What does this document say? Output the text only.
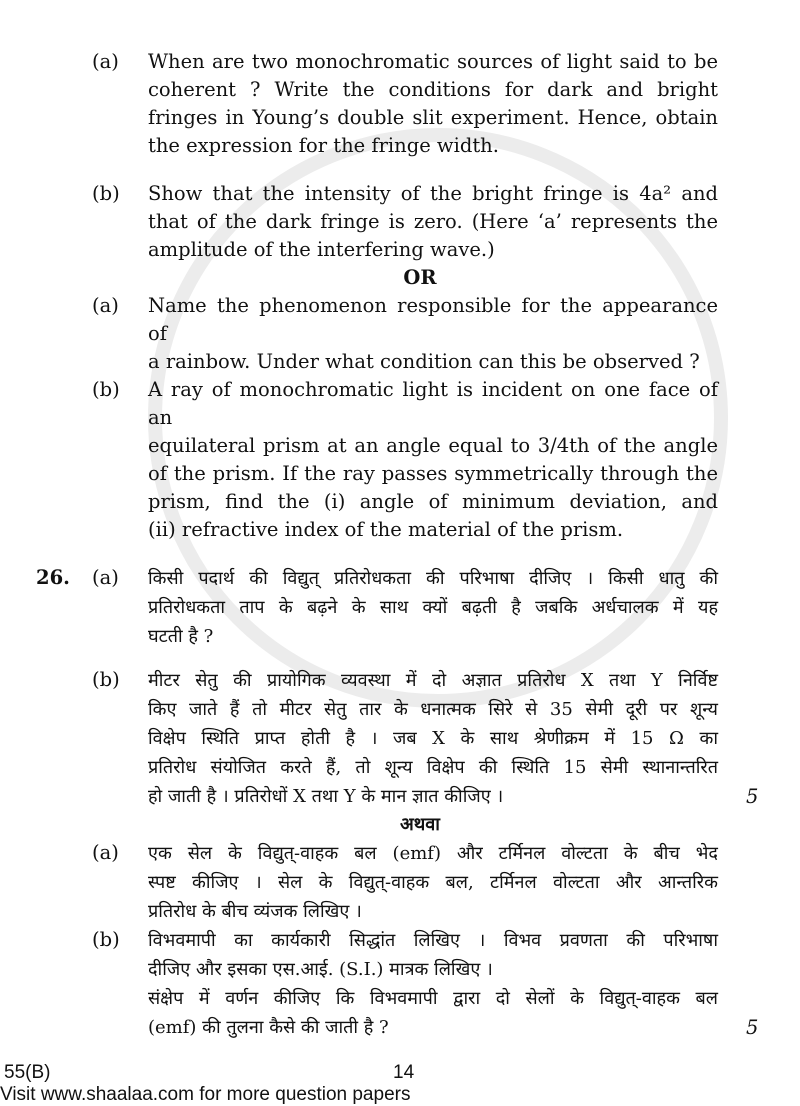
(a)	When are two monochromatic sources of light said to be
coherent ? Write the conditions for dark and bright
fringes in Young’s double slit experiment. Hence, obtain
the expression for the fringe width.
(b)	Show that the intensity of the bright fringe is 4a² and
that of the dark fringe is zero. (Here ‘a’ represents the
amplitude of the interfering wave.)
OR
(a)	Name the phenomenon responsible for the appearance of
a rainbow. Under what condition can this be observed ?
(b)	A ray of monochromatic light is incident on one face of an
equilateral prism at an angle equal to 3/4th of the angle
of the prism. If the ray passes symmetrically through the
prism, find the (i) angle of minimum deviation, and
(ii) refractive index of the material of the prism.
26.	(a)	किसी पदार्थ की विद्युत् प्रतिरोधकता की परिभाषा दीजिए । किसी धातु की
प्रतिरोधकता ताप के बढ़ने के साथ क्यों बढ़ती है जबकि अर्धचालक में यह
घटती है ?
(b)	मीटर सेतु की प्रायोगिक व्यवस्था में दो अज्ञात प्रतिरोध X तथा Y निर्विष्ट
किए जाते हैं तो मीटर सेतु तार के धनात्मक सिरे से 35 सेमी दूरी पर शून्य
विक्षेप स्थिति प्राप्त होती है । जब X के साथ श्रेणीक्रम में 15 Ω का
प्रतिरोध संयोजित करते हैं, तो शून्य विक्षेप की स्थिति 15 सेमी स्थानान्तरित
हो जाती है । प्रतिरोधों X तथा Y के मान ज्ञात कीजिए ।	5
अथवा
(a)	एक सेल के विद्युत्-वाहक बल (emf) और टर्मिनल वोल्टता के बीच भेद
स्पष्ट कीजिए । सेल के विद्युत्-वाहक बल, टर्मिनल वोल्टता और आन्तरिक
प्रतिरोध के बीच व्यंजक लिखिए ।
(b)	विभवमापी का कार्यकारी सिद्धांत लिखिए । विभव प्रवणता की परिभाषा
दीजिए और इसका एस.आई. (S.I.) मात्रक लिखिए ।
संक्षेप में वर्णन कीजिए कि विभवमापी द्वारा दो सेलों के विद्युत्-वाहक बल
(emf) की तुलना कैसे की जाती है ?	5
55(B)	14
Visit www.shaalaa.com for more question papers
